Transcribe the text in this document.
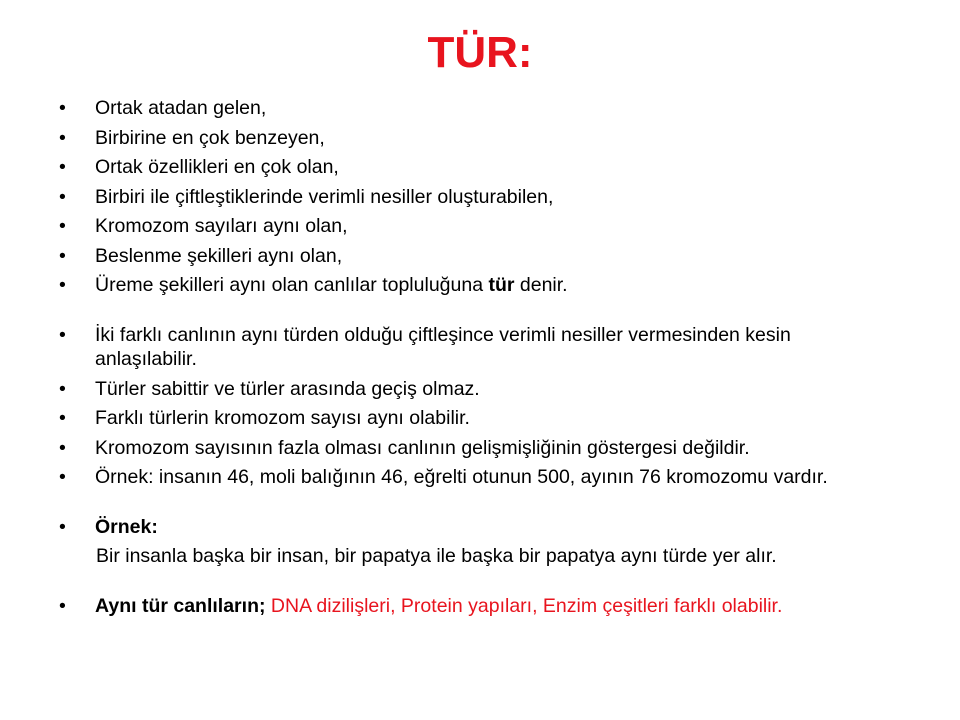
TÜR:
• Ortak atadan gelen,
• Birbirine en çok benzeyen,
• Ortak özellikleri en çok olan,
• Birbiri ile çiftleştiklerinde verimli nesiller oluşturabilen,
• Kromozom sayıları aynı olan,
• Beslenme şekilleri aynı olan,
• Üreme şekilleri aynı olan canlılar topluluğuna tür denir.
• İki farklı canlının aynı türden olduğu çiftleşince verimli nesiller vermesinden kesin anlaşılabilir.
• Türler sabittir ve türler arasında geçiş olmaz.
• Farklı türlerin kromozom sayısı aynı olabilir.
• Kromozom sayısının fazla olması canlının gelişmişliğinin göstergesi değildir.
• Örnek: insanın 46, moli balığının 46, eğrelti otunun 500, ayının 76 kromozomu vardır.
• Örnek:
Bir insanla başka bir insan, bir papatya ile başka bir papatya aynı türde yer alır.
• Aynı tür canlıların; DNA dizilişleri, Protein yapıları, Enzim çeşitleri farklı olabilir.
